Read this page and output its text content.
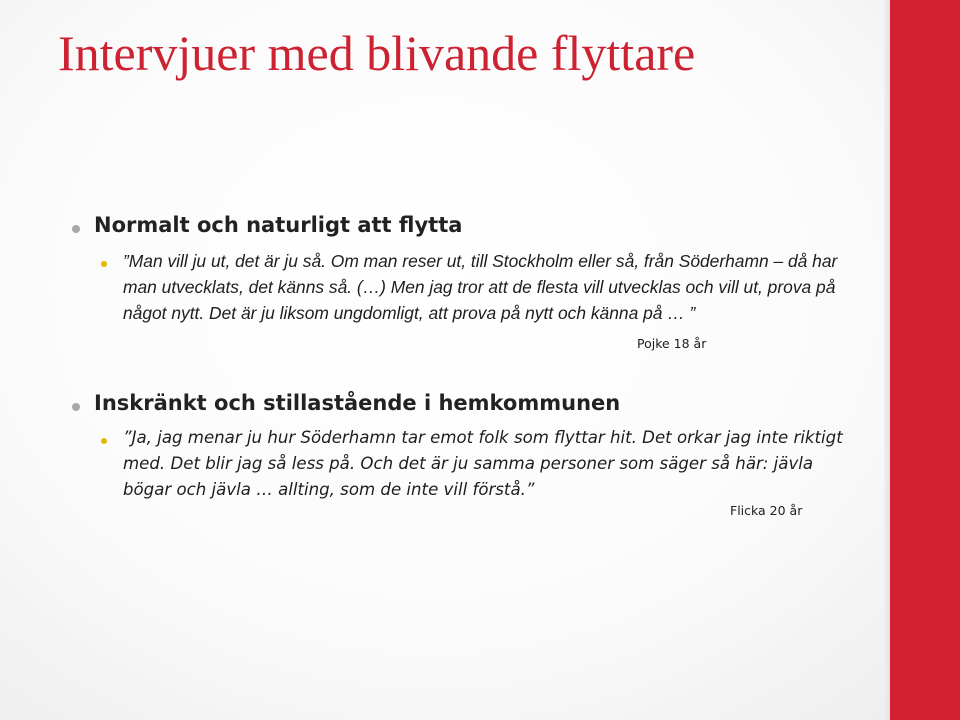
Intervjuer med blivande flyttare
Normalt och naturligt att flytta

”Man vill ju ut, det är ju så. Om man reser ut, till Stockholm eller så, från Söderhamn – då har man utvecklats, det känns så. (…) Men jag tror att de flesta vill utvecklas och vill ut, prova på något nytt. Det är ju liksom ungdomligt, att prova på nytt och känna på … ”

Pojke 18 år
Inskränkt och stillastående i hemkommunen

”Ja, jag menar ju hur Söderhamn tar emot folk som flyttar hit. Det orkar jag inte riktigt med. Det blir jag så less på. Och det är ju samma personer som säger så här: jävla bögar och jävla … allting, som de inte vill förstå.”

Flicka 20 år
